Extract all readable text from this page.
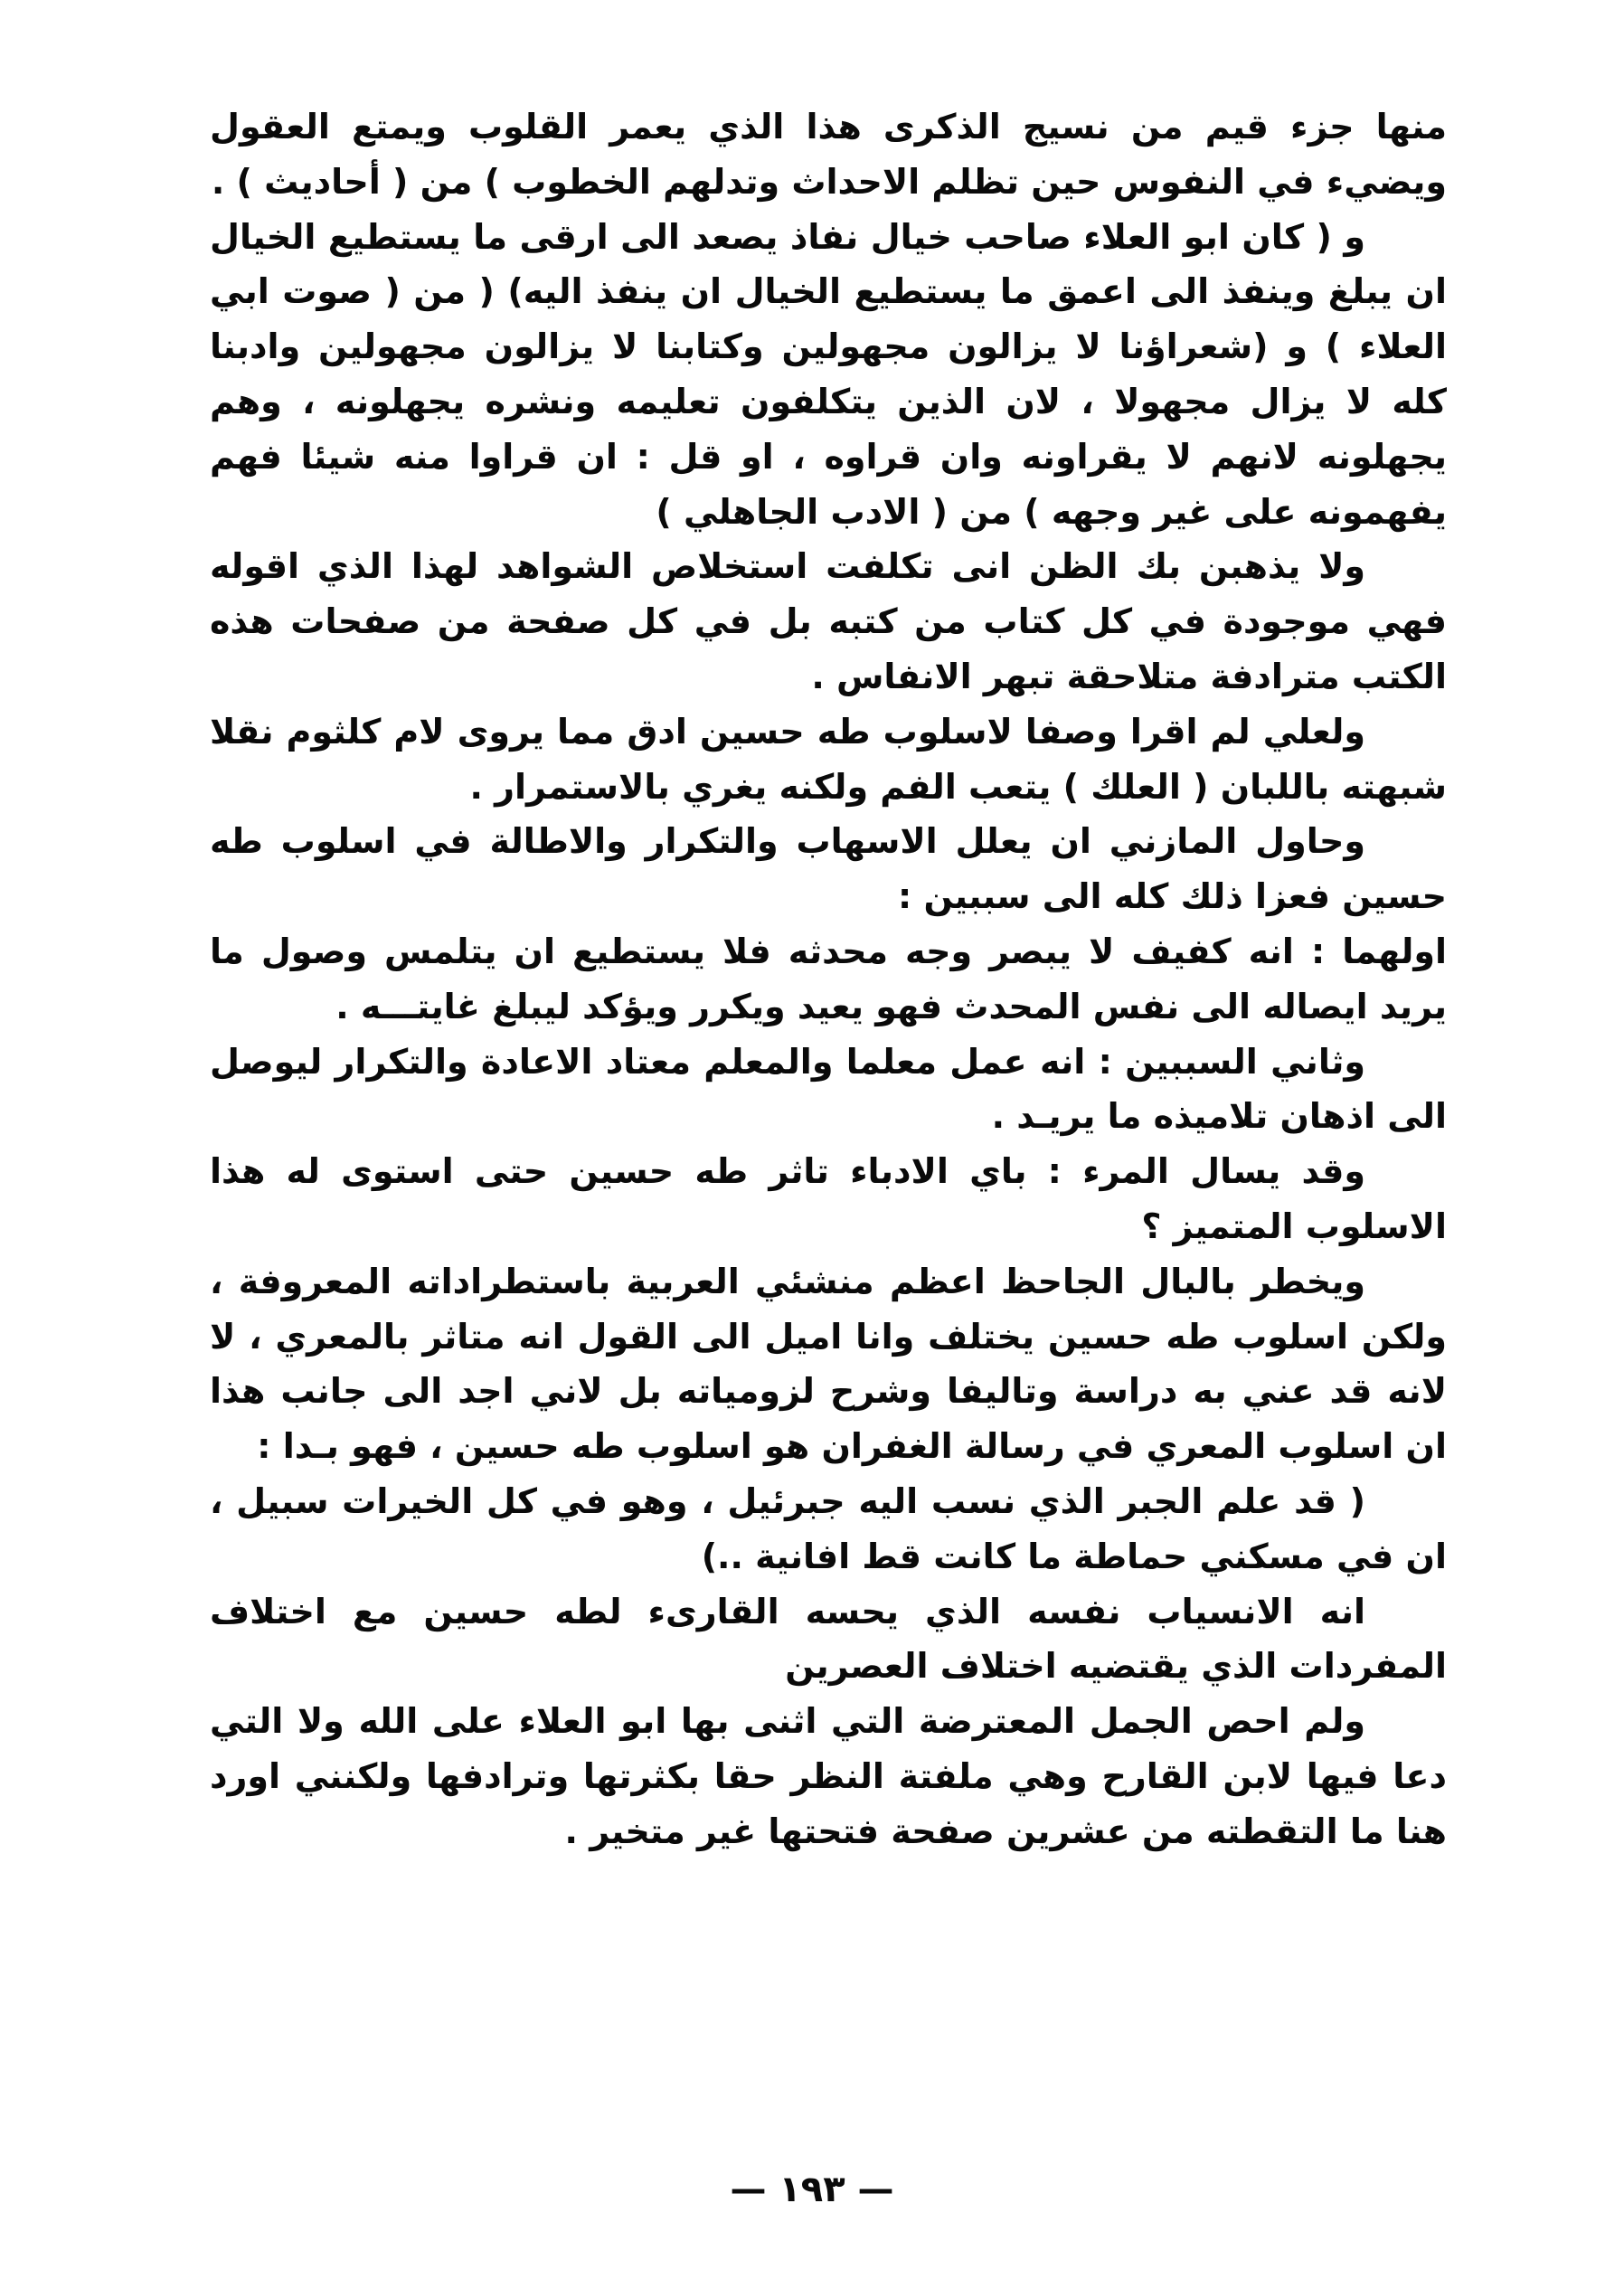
منها جزء قيم من نسيج الذكرى هذا الذي يعمر القلوب ويمتع العقول ويضيء في النفوس حين تظلم الاحداث وتدلهم الخطوب ) من ( أحاديث ) .

و ( كان ابو العلاء صاحب خيال نفاذ يصعد الى ارقى ما يستطيع الخيال ان يبلغ وينفذ الى اعمق ما يستطيع الخيال ان ينفذ اليه) ( من ( صوت ابي العلاء ) و (شعراؤنا لا يزالون مجهولين وكتابنا لا يزالون مجهولين وادبنا كله لا يزال مجهولا ، لان الذين يتكلفون تعليمه ونشره يجهلونه ، وهم يجهلونه لانهم لا يقراونه وان قراوه ، او قل : ان قراوا منه شيئا فهم يفهمونه على غير وجهه ) من ( الادب الجاهلي )

ولا يذهبن بك الظن انى تكلفت استخلاص الشواهد لهذا الذي اقوله فهي موجودة في كل كتاب من كتبه بل في كل صفحة من صفحات هذه الكتب مترادفة متلاحقة تبهر الانفاس .

ولعلي لم اقرا وصفا لاسلوب طه حسين ادق مما يروى لام كلثوم نقلا شبهته باللبان ( العلك ) يتعب الفم ولكنه يغري بالاستمرار .

وحاول المازني ان يعلل الاسهاب والتكرار والاطالة في اسلوب طه حسين فعزا ذلك كله الى سببين :

اولهما : انه كفيف لا يبصر وجه محدثه فلا يستطيع ان يتلمس وصول ما يريد ايصاله الى نفس المحدث فهو يعيد ويكرر ويؤكد ليبلغ غايتـــه .

وثاني السببين : انه عمل معلما والمعلم معتاد الاعادة والتكرار ليوصل الى اذهان تلاميذه ما يريـد .

وقد يسال المرء : باي الادباء تاثر طه حسين حتى استوى له هذا الاسلوب المتميز ؟

ويخطر بالبال الجاحظ اعظم منشئي العربية باستطراداته المعروفة ، ولكن اسلوب طه حسين يختلف وانا اميل الى القول انه متاثر بالمعري ، لا لانه قد عني به دراسة وتاليفا وشرح لزومياته بل لاني اجد الى جانب هذا ان اسلوب المعري في رسالة الغفران هو اسلوب طه حسين ، فهو بـدا :

( قد علم الجبر الذي نسب اليه جبرئيل ، وهو في كل الخيرات سبيل ، ان في مسكني حماطة ما كانت قط افانية ..)

انه الانسياب نفسه الذي يحسه القارىء لطه حسين مع اختلاف المفردات الذي يقتضيه اختلاف العصرين

ولم احص الجمل المعترضة التي اثنى بها ابو العلاء على الله ولا التي دعا فيها لابن القارح وهي ملفتة النظر حقا بكثرتها وترادفها ولكنني اورد هنا ما التقطته من عشرين صفحة فتحتها غير متخير .

— ١٩٣ —
